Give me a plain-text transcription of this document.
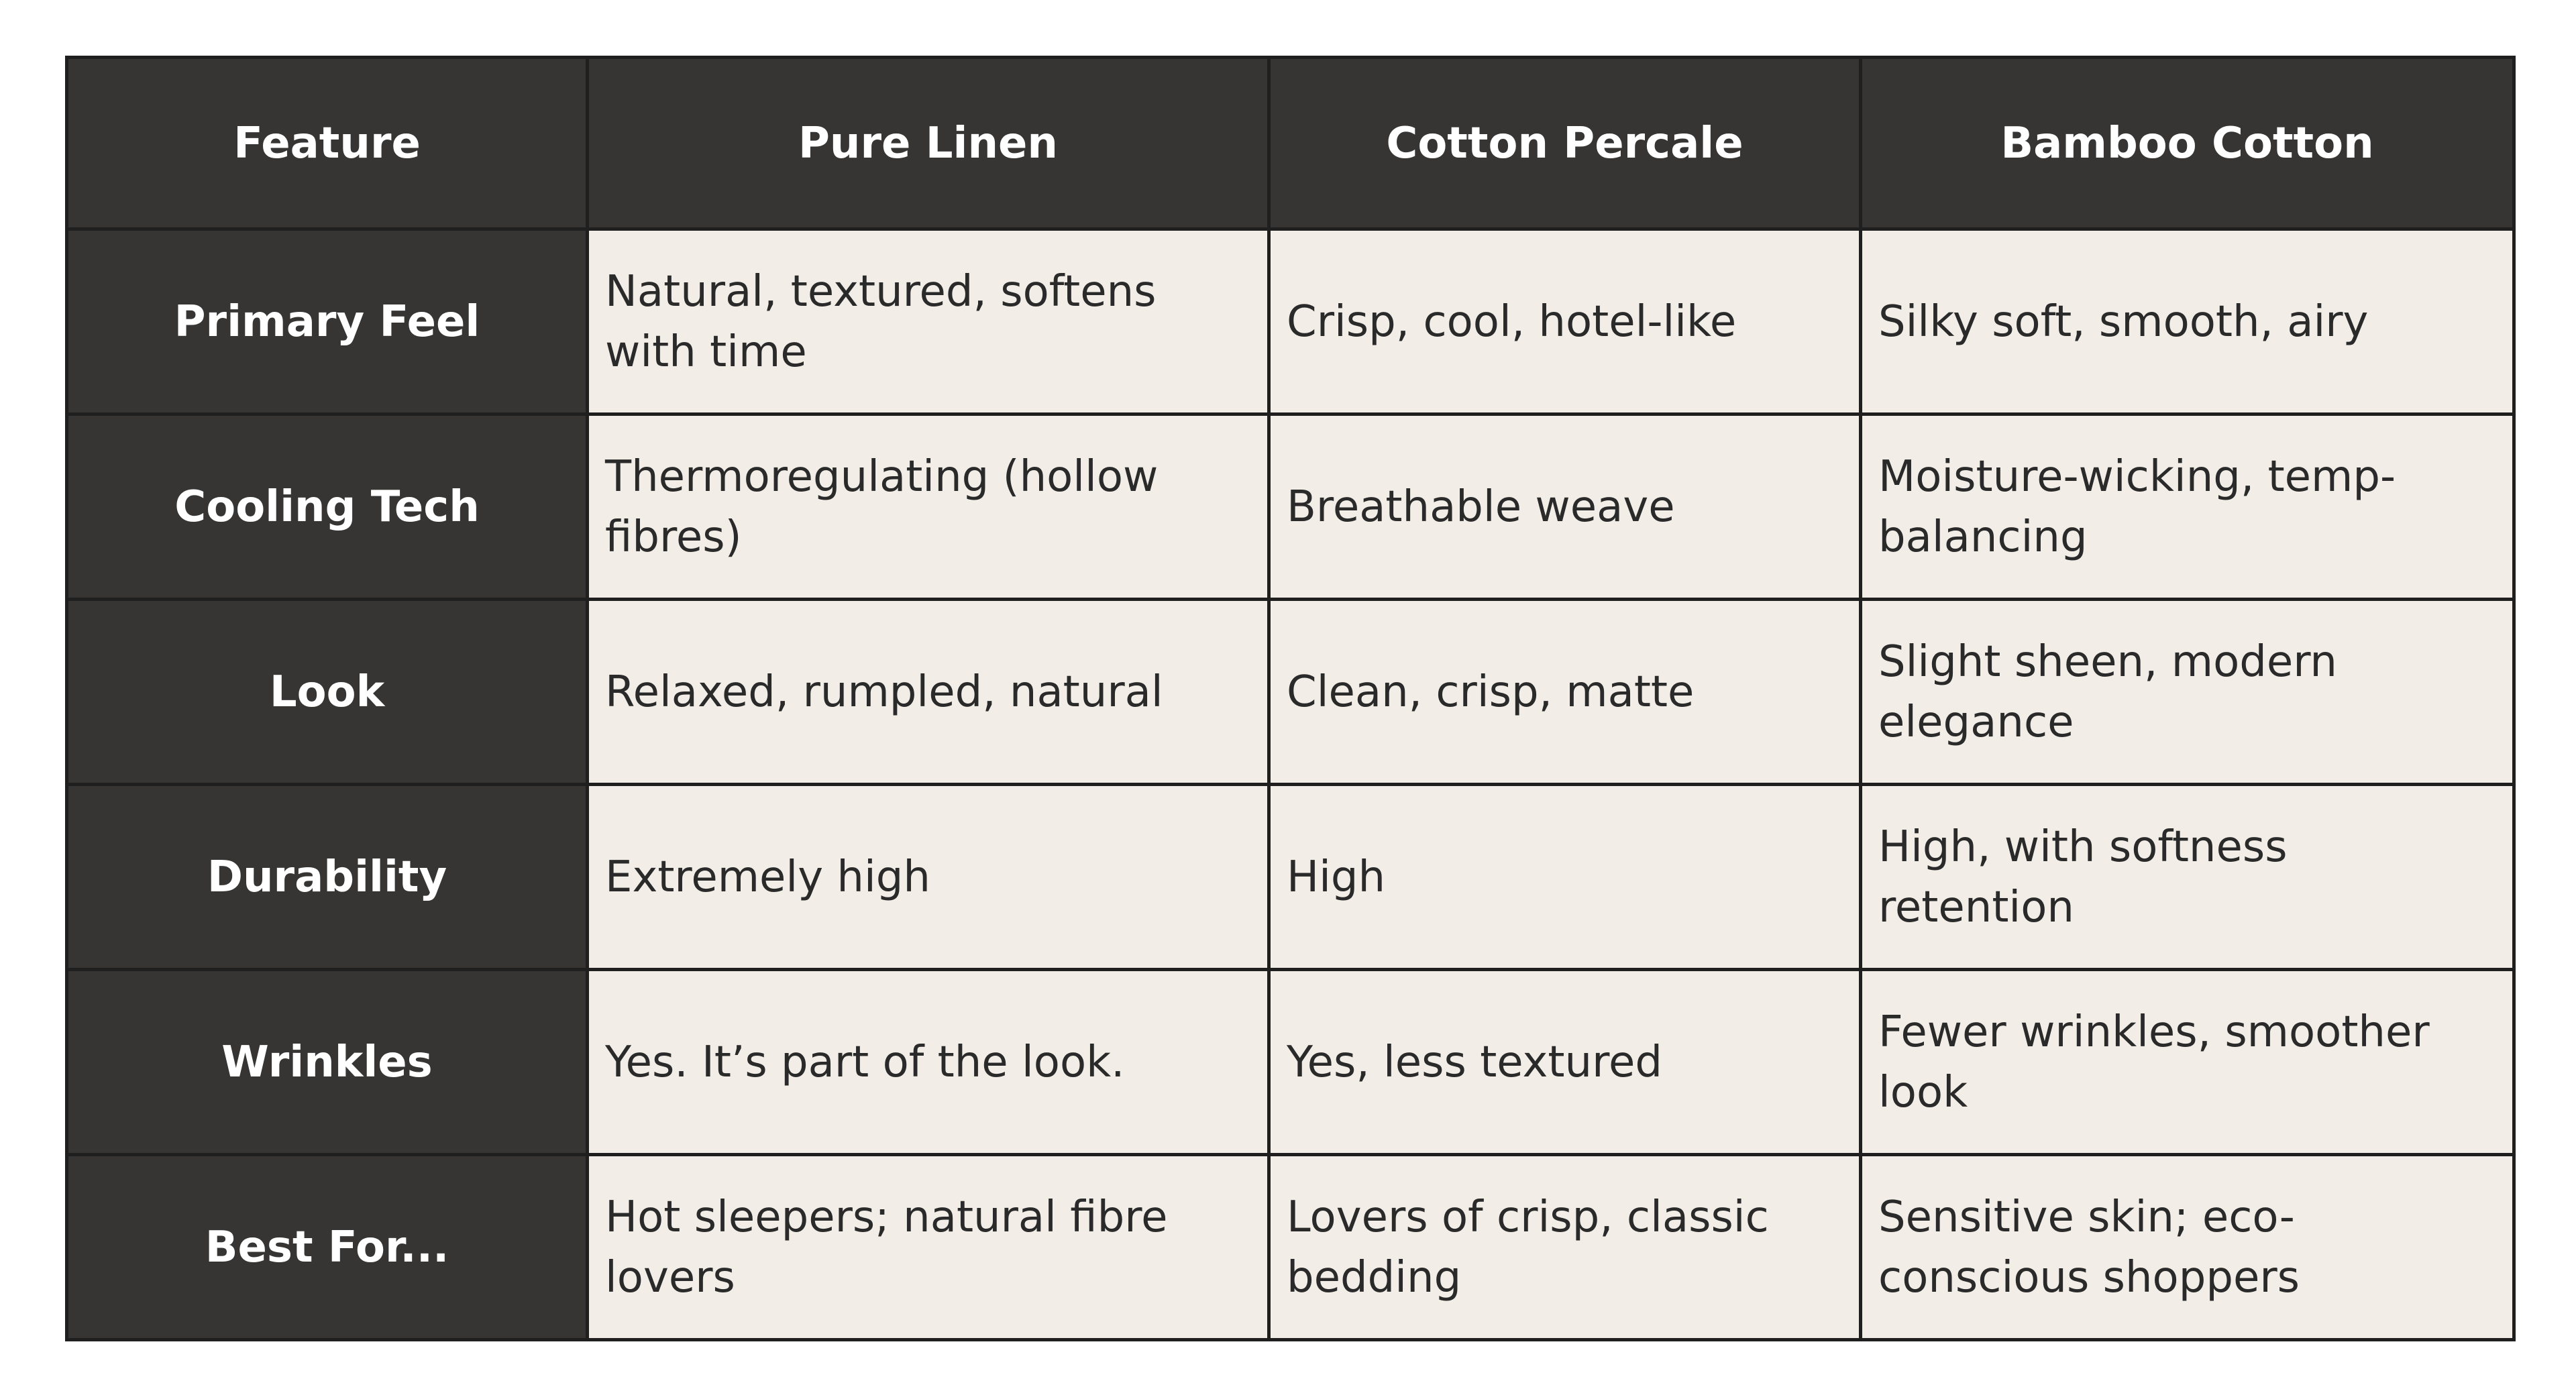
Feature	Pure Linen	Cotton Percale	Bamboo Cotton
Primary Feel	Natural, textured, softens with time	Crisp, cool, hotel-like	Silky soft, smooth, airy
Cooling Tech	Thermoregulating (hollow fibres)	Breathable weave	Moisture-wicking, temp-balancing
Look	Relaxed, rumpled, natural	Clean, crisp, matte	Slight sheen, modern elegance
Durability	Extremely high	High	High, with softness retention
Wrinkles	Yes. It’s part of the look.	Yes, less textured	Fewer wrinkles, smoother look
Best For...	Hot sleepers; natural fibre lovers	Lovers of crisp, classic bedding	Sensitive skin; eco-conscious shoppers
